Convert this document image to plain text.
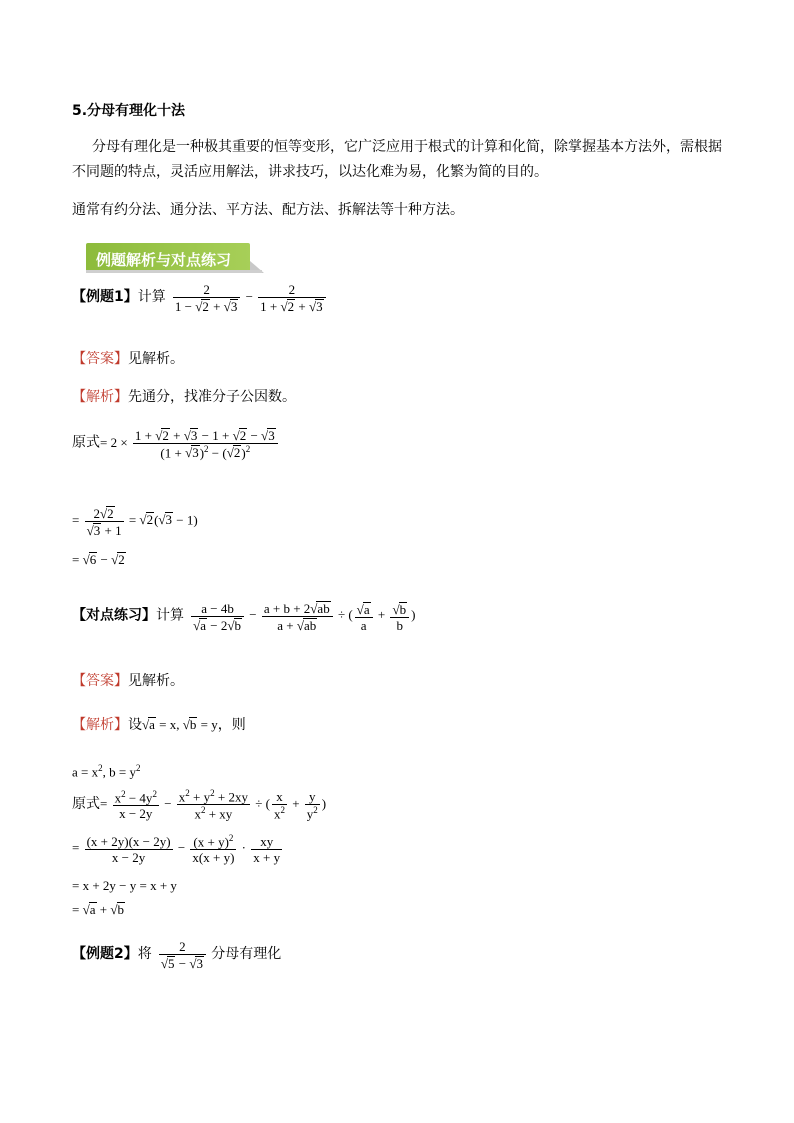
5.分母有理化十法
分母有理化是一种极其重要的恒等变形，它广泛应用于根式的计算和化简，除掌握基本方法外，需根据
不同题的特点，灵活应用解法，讲求技巧，以达化难为易，化繁为简的目的。
通常有约分法、通分法、平方法、配方法、拆解法等十种方法。
例题解析与对点练习
【例题1】计算 $\frac{2}{1 - √2 + √3} - \frac{2}{1 + √2 + √3}$
【答案】见解析。
【解析】先通分，找准分子公因数。
原式= $2 \times \frac{1 + √2 + √3 - 1 + √2 - √3}{(1 + √3)^2 - (√2)^2}$
= $\frac{2√2}{√3 + 1} = √2(√3 - 1)$
= √6 − √2
【对点练习】计算 $\frac{a - 4b}{√a - 2√b} - \frac{a + b + 2√ab}{a + √ab}$ ÷ ( $\frac{√a}{a} + \frac{√b}{b}$ )
【答案】见解析。
【解析】设√a = x, √b = y，则
$a = x^2$, $b = y^2$
原式= $\frac{x^2 - 4y^2}{x - 2y} - \frac{x^2 + y^2 + 2xy}{x^2 + xy}$ ÷ ( $\frac{x}{x^2} + \frac{y}{y^2}$ )
= $\frac{(x + 2y)(x - 2y)}{x - 2y} - \frac{(x + y)^2}{x(x + y)} \cdot \frac{xy}{x + y}$
= x + 2y − y = x + y
= √a + √b
【例题2】将 $\frac{2}{√5 - √3}$ 分母有理化
